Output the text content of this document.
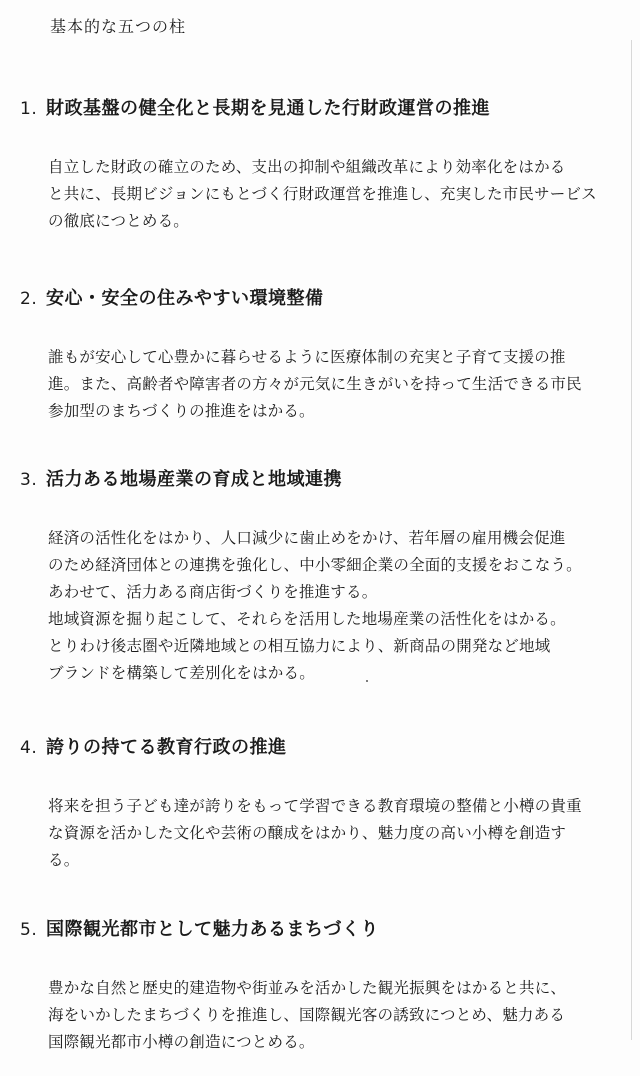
基本的な五つの柱
1. 財政基盤の健全化と長期を見通した行財政運営の推進
自立した財政の確立のため、支出の抑制や組織改革により効率化をはかる
と共に、長期ビジョンにもとづく行財政運営を推進し、充実した市民サービス
の徹底につとめる。
2. 安心・安全の住みやすい環境整備
誰もが安心して心豊かに暮らせるように医療体制の充実と子育て支援の推
進。また、高齢者や障害者の方々が元気に生きがいを持って生活できる市民
参加型のまちづくりの推進をはかる。
3. 活力ある地場産業の育成と地域連携
経済の活性化をはかり、人口減少に歯止めをかけ、若年層の雇用機会促進
のため経済団体との連携を強化し、中小零細企業の全面的支援をおこなう。
あわせて、活力ある商店街づくりを推進する。
地域資源を掘り起こして、それらを活用した地場産業の活性化をはかる。
とりわけ後志圏や近隣地域との相互協力により、新商品の開発など地域
ブランドを構築して差別化をはかる。
4. 誇りの持てる教育行政の推進
将来を担う子ども達が誇りをもって学習できる教育環境の整備と小樽の貴重
な資源を活かした文化や芸術の醸成をはかり、魅力度の高い小樽を創造す
る。
5. 国際観光都市として魅力あるまちづくり
豊かな自然と歴史的建造物や街並みを活かした観光振興をはかると共に、
海をいかしたまちづくりを推進し、国際観光客の誘致につとめ、魅力ある
国際観光都市小樽の創造につとめる。
